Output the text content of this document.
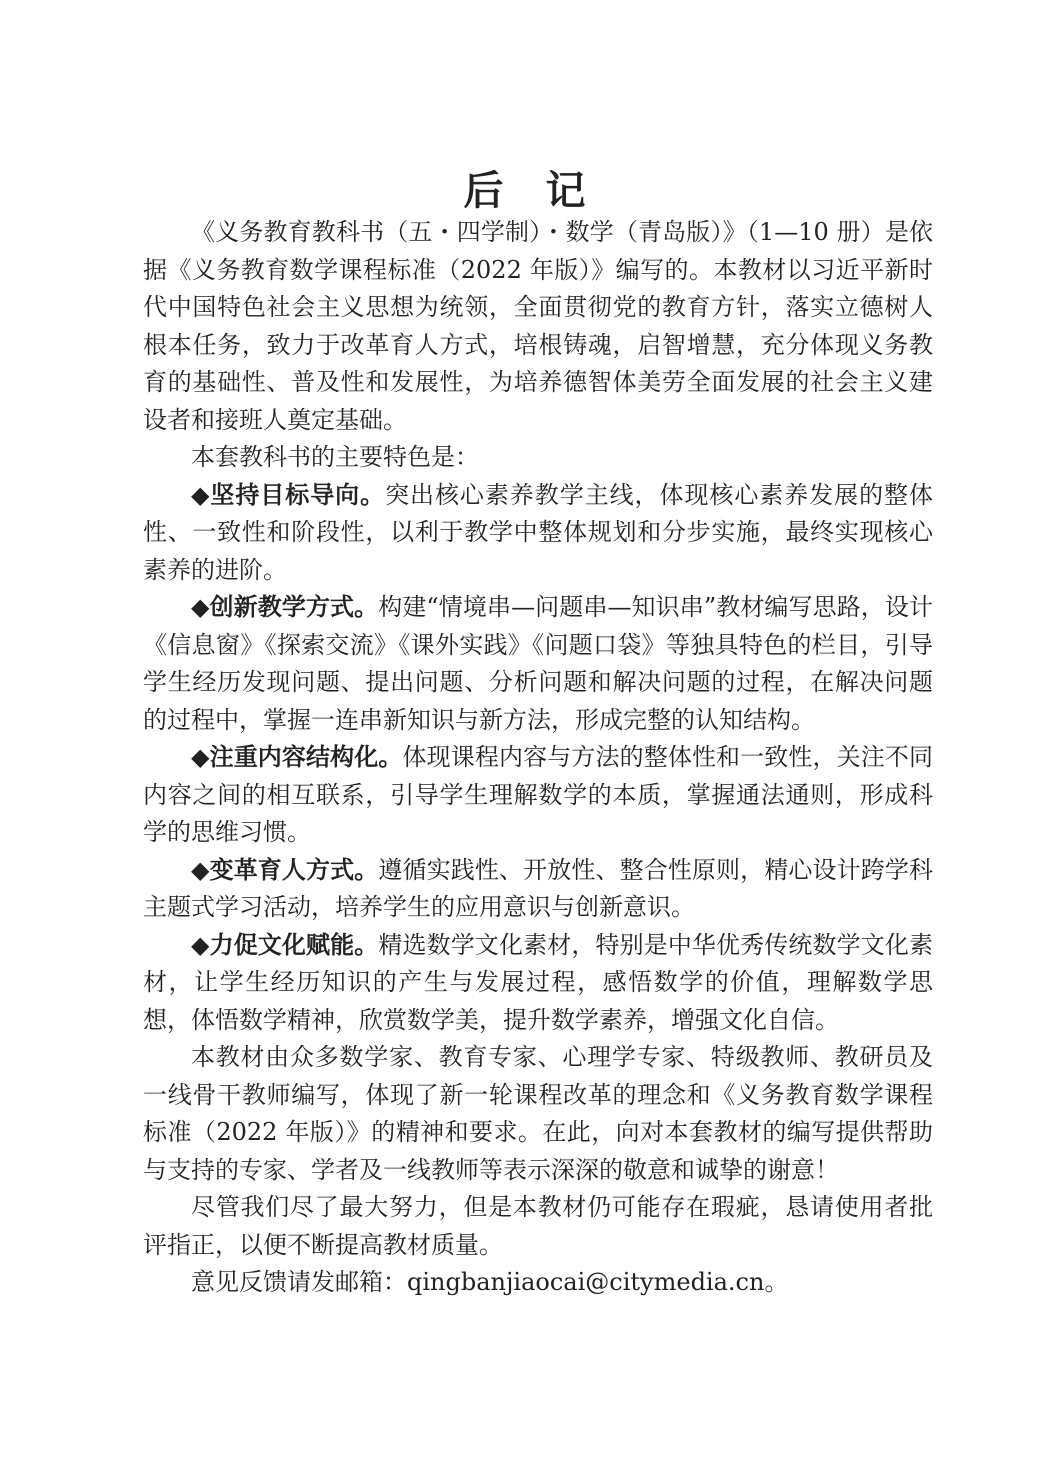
后记

《义务教育教科书（五・四学制）・数学（青岛版）》（1—10 册）是依据《义务教育数学课程标准（2022 年版）》编写的。本教材以习近平新时代中国特色社会主义思想为统领，全面贯彻党的教育方针，落实立德树人根本任务，致力于改革育人方式，培根铸魂，启智增慧，充分体现义务教育的基础性、普及性和发展性，为培养德智体美劳全面发展的社会主义建设者和接班人奠定基础。

本套教科书的主要特色是：

◆坚持目标导向。突出核心素养教学主线，体现核心素养发展的整体性、一致性和阶段性，以利于教学中整体规划和分步实施，最终实现核心素养的进阶。

◆创新教学方式。构建“情境串—问题串—知识串”教材编写思路，设计《信息窗》《探索交流》《课外实践》《问题口袋》等独具特色的栏目，引导学生经历发现问题、提出问题、分析问题和解决问题的过程，在解决问题的过程中，掌握一连串新知识与新方法，形成完整的认知结构。

◆注重内容结构化。体现课程内容与方法的整体性和一致性，关注不同内容之间的相互联系，引导学生理解数学的本质，掌握通法通则，形成科学的思维习惯。

◆变革育人方式。遵循实践性、开放性、整合性原则，精心设计跨学科主题式学习活动，培养学生的应用意识与创新意识。

◆力促文化赋能。精选数学文化素材，特别是中华优秀传统数学文化素材，让学生经历知识的产生与发展过程，感悟数学的价值，理解数学思想，体悟数学精神，欣赏数学美，提升数学素养，增强文化自信。

本教材由众多数学家、教育专家、心理学专家、特级教师、教研员及一线骨干教师编写，体现了新一轮课程改革的理念和《义务教育数学课程标准（2022 年版）》的精神和要求。在此，向对本套教材的编写提供帮助与支持的专家、学者及一线教师等表示深深的敬意和诚挚的谢意！

尽管我们尽了最大努力，但是本教材仍可能存在瑕疵，恳请使用者批评指正，以便不断提高教材质量。

意见反馈请发邮箱：qingbanjiaocai@citymedia.cn。
